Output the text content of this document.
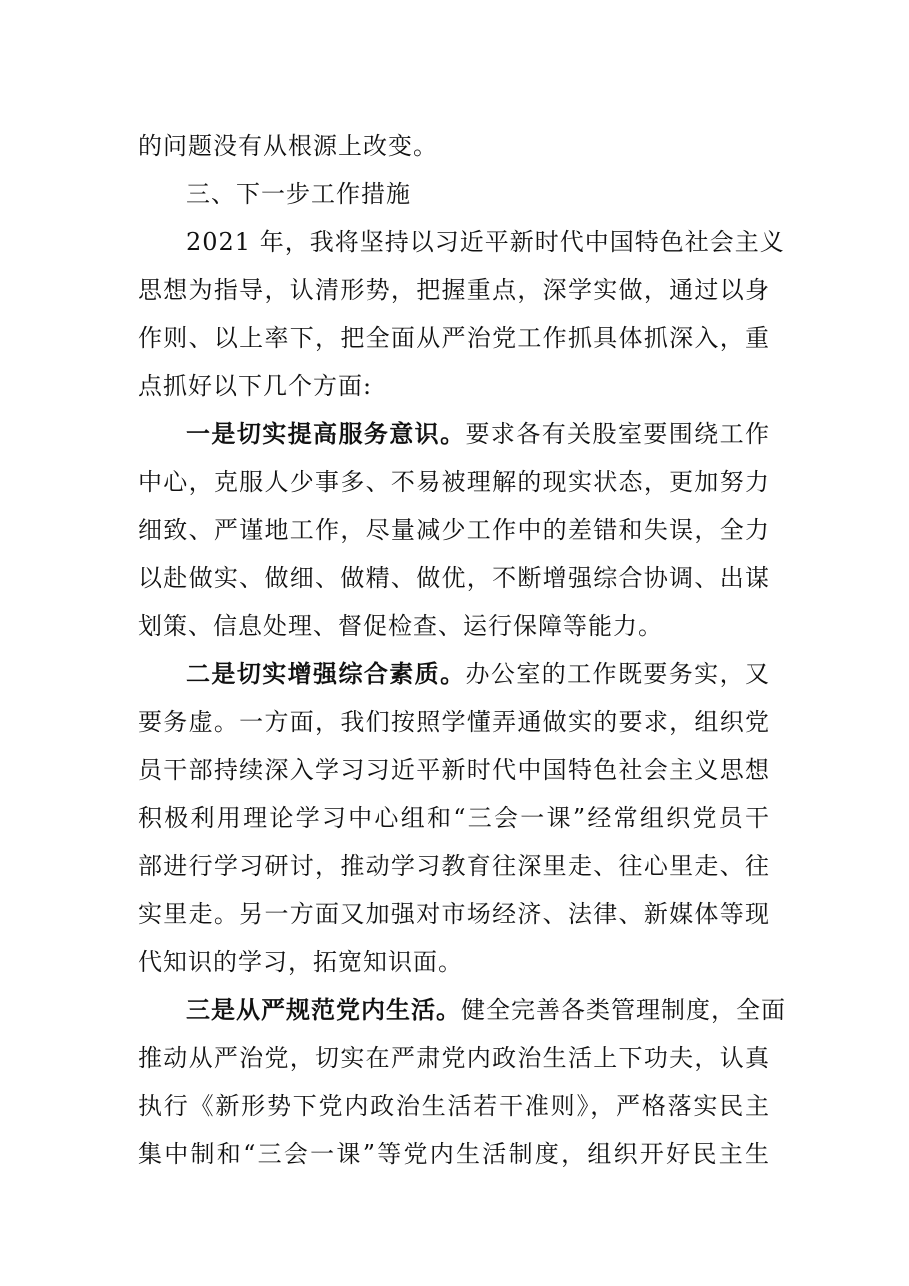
的问题没有从根源上改变。
三、下一步工作措施
2021 年，我将坚持以习近平新时代中国特色社会主义
思想为指导，认清形势，把握重点，深学实做，通过以身
作则、以上率下，把全面从严治党工作抓具体抓深入，重
点抓好以下几个方面:
一是切实提高服务意识。要求各有关股室要围绕工作
中心，克服人少事多、不易被理解的现实状态，更加努力
细致、严谨地工作，尽量减少工作中的差错和失误，全力
以赴做实、做细、做精、做优，不断增强综合协调、出谋
划策、信息处理、督促检查、运行保障等能力。
二是切实增强综合素质。办公室的工作既要务实，又
要务虚。一方面，我们按照学懂弄通做实的要求，组织党
员干部持续深入学习习近平新时代中国特色社会主义思想
积极利用理论学习中心组和“三会一课”经常组织党员干
部进行学习研讨，推动学习教育往深里走、往心里走、往
实里走。另一方面又加强对市场经济、法律、新媒体等现
代知识的学习，拓宽知识面。
三是从严规范党内生活。健全完善各类管理制度，全面
推动从严治党，切实在严肃党内政治生活上下功夫，认真
执行《新形势下党内政治生活若干准则》，严格落实民主
集中制和“三会一课”等党内生活制度，组织开好民主生
